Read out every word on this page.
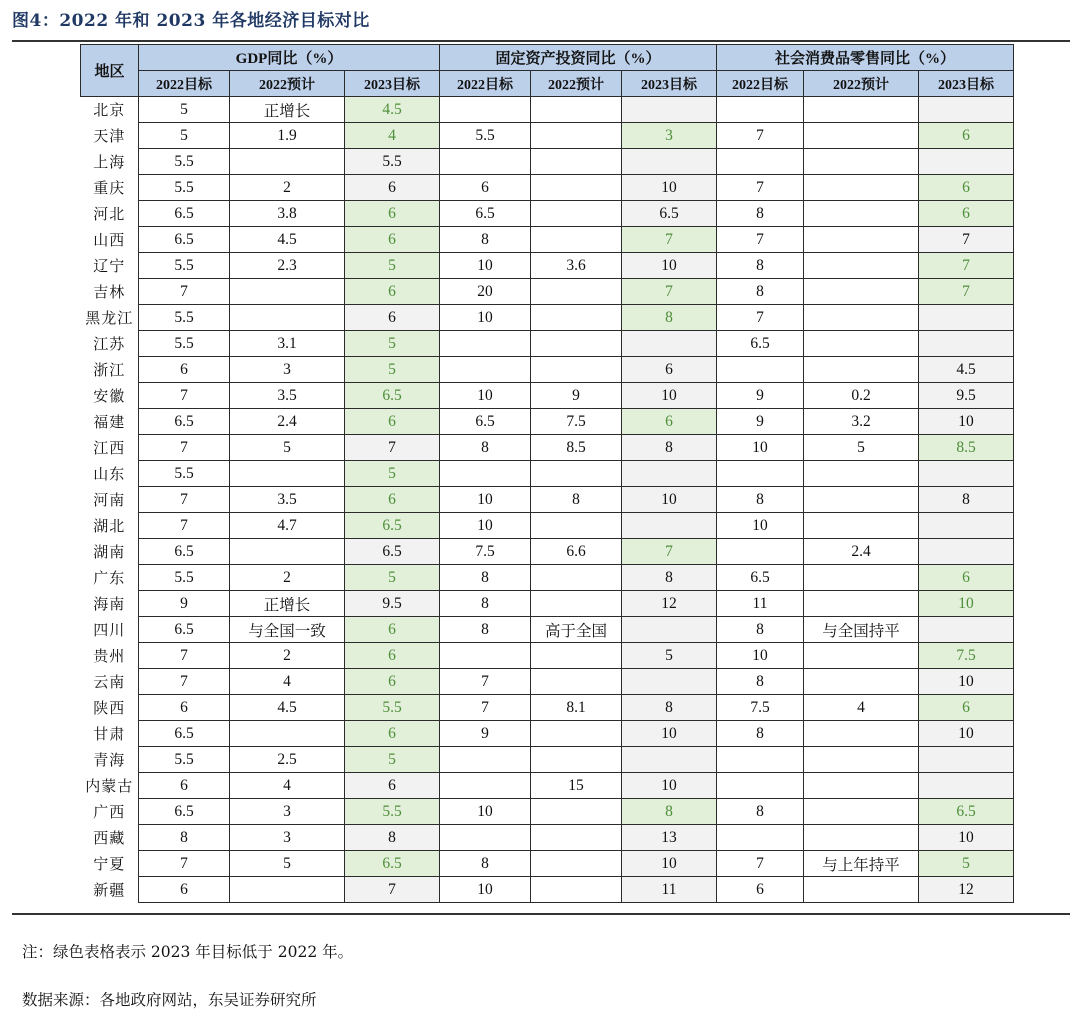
图4：2022 年和 2023 年各地经济目标对比
地区	GDP同比（%）			固定资产投资同比（%）			社会消费品零售同比（%）		
	2022目标	2022预计	2023目标	2022目标	2022预计	2023目标	2022目标	2022预计	2023目标
北京	5	正增长	4.5						
天津	5	1.9	4	5.5		3	7		6
上海	5.5		5.5						
重庆	5.5	2	6	6		10	7		6
河北	6.5	3.8	6	6.5		6.5	8		6
山西	6.5	4.5	6	8		7	7		7
辽宁	5.5	2.3	5	10	3.6	10	8		7
吉林	7		6	20		7	8		7
黑龙江	5.5		6	10		8	7		
江苏	5.5	3.1	5				6.5		
浙江	6	3	5			6			4.5
安徽	7	3.5	6.5	10	9	10	9	0.2	9.5
福建	6.5	2.4	6	6.5	7.5	6	9	3.2	10
江西	7	5	7	8	8.5	8	10	5	8.5
山东	5.5		5						
河南	7	3.5	6	10	8	10	8		8
湖北	7	4.7	6.5	10			10		
湖南	6.5		6.5	7.5	6.6	7		2.4	
广东	5.5	2	5	8		8	6.5		6
海南	9	正增长	9.5	8		12	11		10
四川	6.5	与全国一致	6	8	高于全国		8	与全国持平	
贵州	7	2	6			5	10		7.5
云南	7	4	6	7			8		10
陕西	6	4.5	5.5	7	8.1	8	7.5	4	6
甘肃	6.5		6	9		10	8		10
青海	5.5	2.5	5						
内蒙古	6	4	6		15	10			
广西	6.5	3	5.5	10		8	8		6.5
西藏	8	3	8			13			10
宁夏	7	5	6.5	8		10	7	与上年持平	5
新疆	6		7	10		11	6		12
注：绿色表格表示 2023 年目标低于 2022 年。
数据来源：各地政府网站，东吴证券研究所
